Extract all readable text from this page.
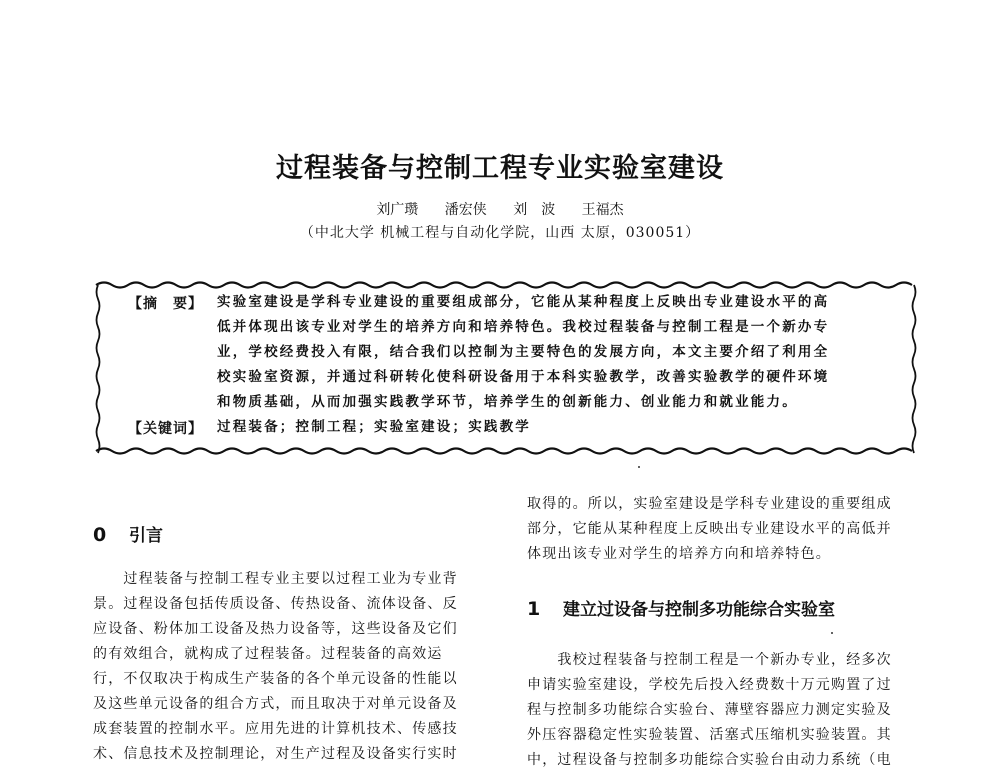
过程装备与控制工程专业实验室建设
刘广瓒 潘宏侠 刘　波 王福杰
（中北大学 机械工程与自动化学院，山西 太原，030051）
【摘　要】 实验室建设是学科专业建设的重要组成部分，它能从某种程度上反映出专业建设水平的高
低并体现出该专业对学生的培养方向和培养特色。我校过程装备与控制工程是一个新办专
业，学校经费投入有限，结合我们以控制为主要特色的发展方向，本文主要介绍了利用全
校实验室资源，并通过科研转化使科研设备用于本科实验教学，改善实验教学的硬件环境
和物质基础，从而加强实践教学环节，培养学生的创新能力、创业能力和就业能力。
【关键词】 过程装备；控制工程；实验室建设；实践教学
0 引言
　　过程装备与控制工程专业主要以过程工业为专业背
景。过程设备包括传质设备、传热设备、流体设备、反
应设备、粉体加工设备及热力设备等，这些设备及它们
的有效组合，就构成了过程装备。过程装备的高效运
行，不仅取决于构成生产装备的各个单元设备的性能以
及这些单元设备的组合方式，而且取决于对单元设备及
成套装置的控制水平。应用先进的计算机技术、传感技
术、信息技术及控制理论，对生产过程及设备实行实时
取得的。所以，实验室建设是学科专业建设的重要组成
部分，它能从某种程度上反映出专业建设水平的高低并
体现出该专业对学生的培养方向和培养特色。
1 建立过设备与控制多功能综合实验室
　　我校过程装备与控制工程是一个新办专业，经多次
申请实验室建设，学校先后投入经费数十万元购置了过
程与控制多功能综合实验台、薄壁容器应力测定实验及
外压容器稳定性实验装置、活塞式压缩机实验装置。其
中，过程设备与控制多功能综合实验台由动力系统（电
